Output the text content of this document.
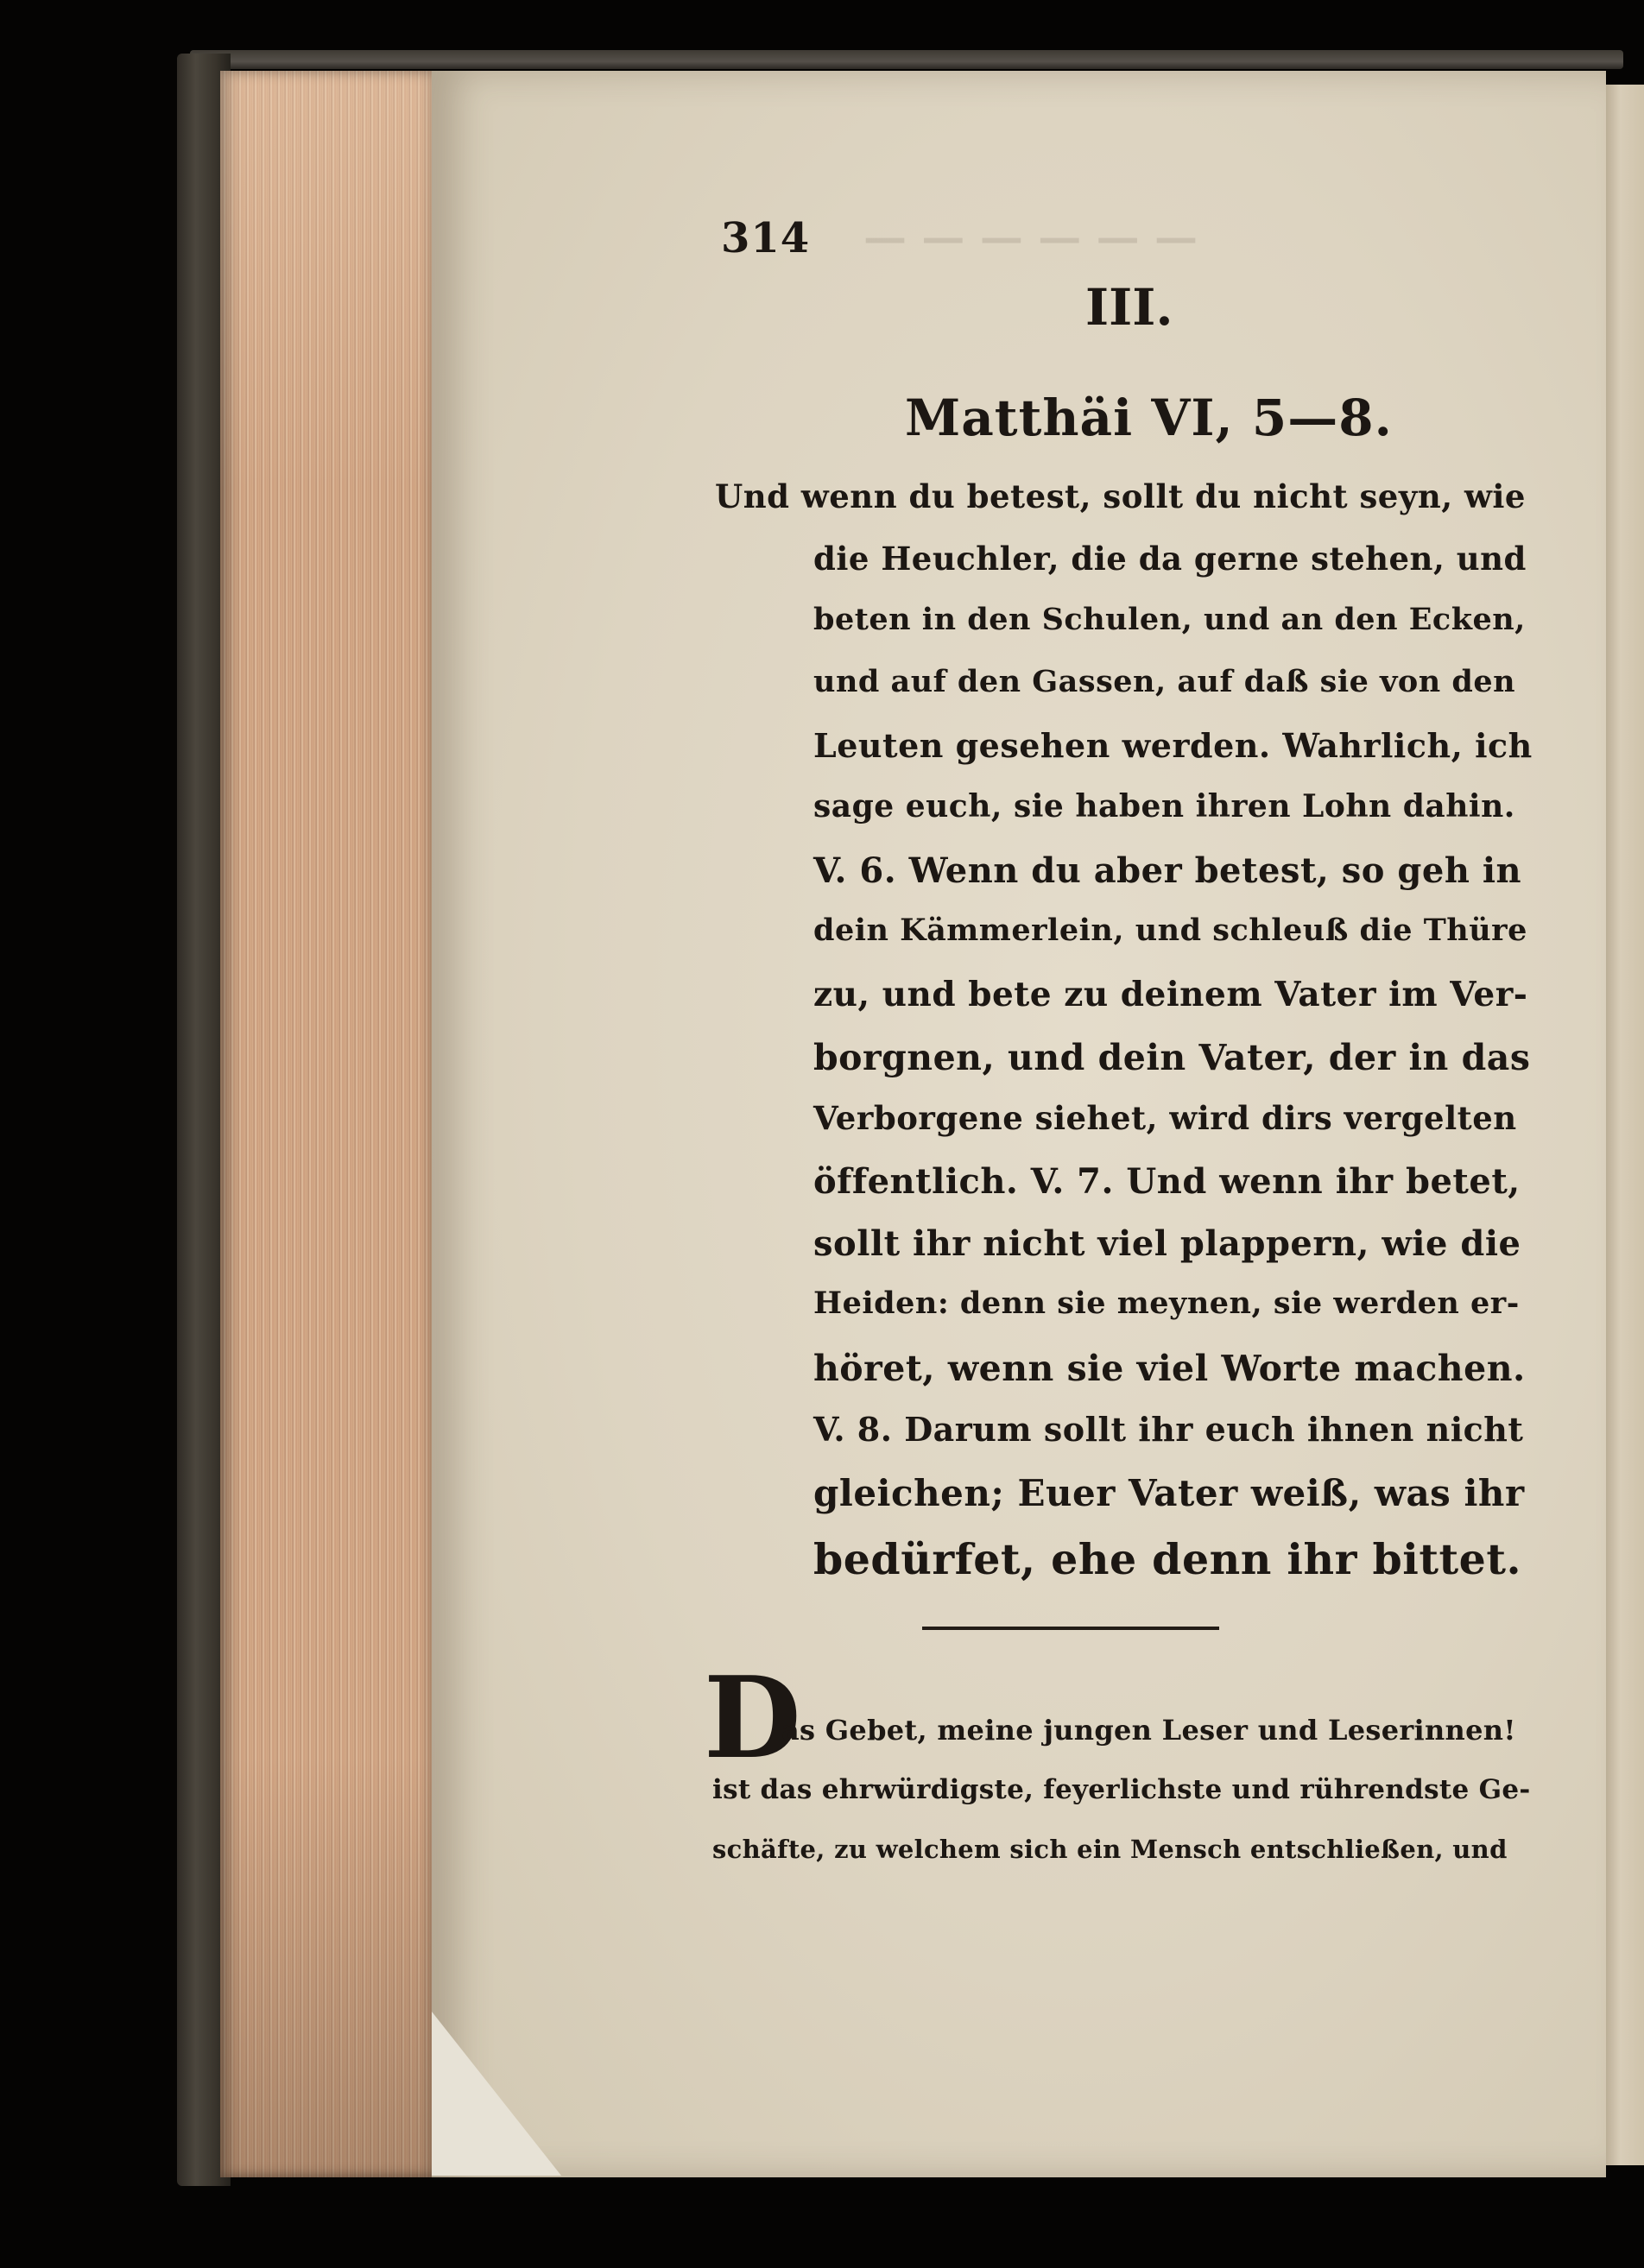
— — — — — —
314
III.
Matthäi VI, 5—8.
Und wenn du betest, sollt du nicht seyn, wie
die Heuchler, die da gerne stehen, und
beten in den Schulen, und an den Ecken,
und auf den Gassen, auf daß sie von den
Leuten gesehen werden. Wahrlich, ich
sage euch, sie haben ihren Lohn dahin.
V. 6. Wenn du aber betest, so geh in
dein Kämmerlein, und schleuß die Thüre
zu, und bete zu deinem Vater im Ver-
borgnen, und dein Vater, der in das
Verborgene siehet, wird dirs vergelten
öffentlich. V. 7. Und wenn ihr betet,
sollt ihr nicht viel plappern, wie die
Heiden: denn sie meynen, sie werden er-
höret, wenn sie viel Worte machen.
V. 8. Darum sollt ihr euch ihnen nicht
gleichen; Euer Vater weiß, was ihr
bedürfet, ehe denn ihr bittet.
D
as Gebet, meine jungen Leser und Leserinnen!
ist das ehrwürdigste, feyerlichste und rührendste Ge-
schäfte, zu welchem sich ein Mensch entschließen, und
